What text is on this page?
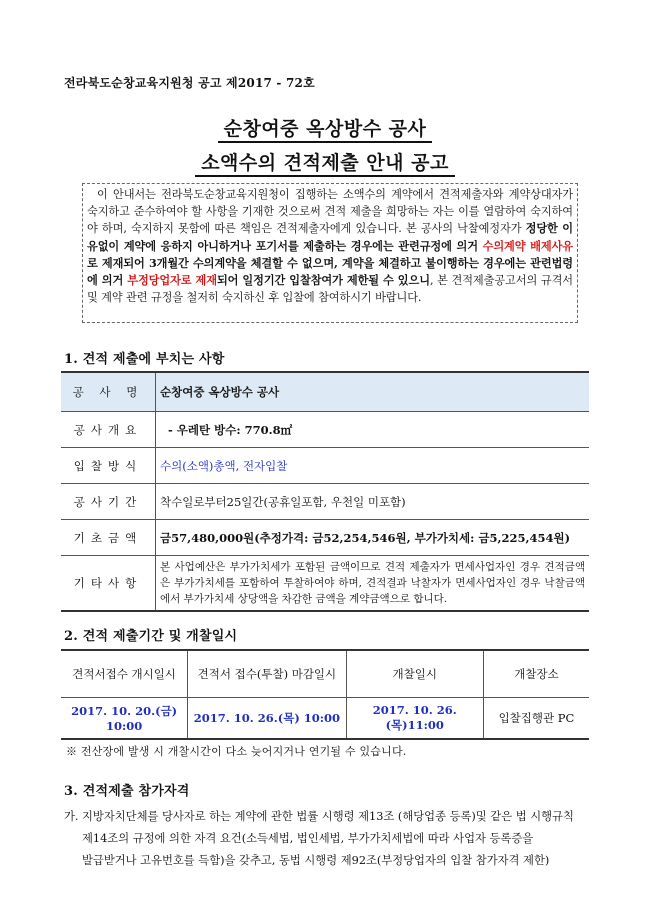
전라북도순창교육지원청 공고 제2017 - 72호
순창여중 옥상방수 공사
소액수의 견적제출 안내 공고

이 안내서는 전라북도순창교육지원청이 집행하는 소액수의 계약에서 견적제출자와 계약상대자가 숙지하고 준수하여야 할 사항을 기재한 것으로써 견적 제출을 희망하는 자는 이를 열람하여 숙지하여야 하며, 숙지하지 못함에 따른 책임은 견적제출자에게 있습니다. 본 공사의 낙찰예정자가 정당한 이유없이 계약에 응하지 아니하거나 포기서를 제출하는 경우에는 관련규정에 의거 수의계약 배제사유로 제재되어 3개월간 수의계약을 체결할 수 없으며, 계약을 체결하고 불이행하는 경우에는 관련법령에 의거 부정당업자로 제재되어 일정기간 입찰참여가 제한될 수 있으니, 본 견적제출공고서의 규격서 및 계약 관련 규정을 철저히 숙지하신 후 입찰에 참여하시기 바랍니다.

1. 견적 제출에 부치는 사항
공 사 명	순창여중 옥상방수 공사
공사개요	- 우레탄 방수: 770.8㎡
입찰방식	수의(소액)총액, 전자입찰
공사기간	착수일로부터25일간(공휴일포함, 우천일 미포함)
기초금액	금57,480,000원(추정가격: 금52,254,546원, 부가가치세: 금5,225,454원)
기타사항	본 사업예산은 부가가치세가 포함된 금액이므로 견적 제출자가 면세사업자인 경우 견적금액은 부가가치세를 포함하여 투찰하여야 하며, 견적결과 낙찰자가 면세사업자인 경우 낙찰금액에서 부가가치세 상당액을 차감한 금액을 계약금액으로 합니다.
2. 견적 제출기간 및 개찰일시
견적서접수 개시일시	견적서 접수(투찰) 마감일시	개찰일시	개찰장소
2017. 10. 20.(금) 10:00	2017. 10. 26.(목) 10:00	2017. 10. 26.(목)11:00	입찰집행관 PC
※ 전산장에 발생 시 개찰시간이 다소 늦어지거나 연기될 수 있습니다.
3. 견적제출 참가자격
가. 지방자치단체를 당사자로 하는 계약에 관한 법률 시행령 제13조 (해당업종 등록)및 같은 법 시행규칙
제14조의 규정에 의한 자격 요건(소득세법, 법인세법, 부가가치세법에 따라 사업자 등록증을
발급받거나 고유번호를 득함)을 갖추고, 동법 시행령 제92조(부정당업자의 입찰 참가자격 제한)
